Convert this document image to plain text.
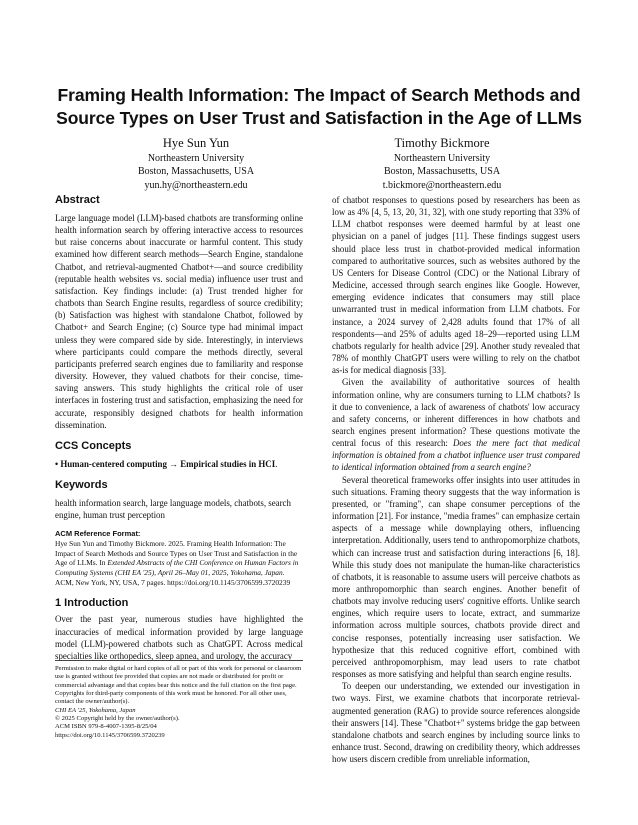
Framing Health Information: The Impact of Search Methods and Source Types on User Trust and Satisfaction in the Age of LLMs
Hye Sun Yun
Northeastern University
Boston, Massachusetts, USA
yun.hy@northeastern.edu
Timothy Bickmore
Northeastern University
Boston, Massachusetts, USA
t.bickmore@northeastern.edu
Abstract

Large language model (LLM)-based chatbots are transforming online health information search by offering interactive access to resources but raise concerns about inaccurate or harmful content. This study examined how different search methods—Search Engine, standalone Chatbot, and retrieval-augmented Chatbot+—and source credibility (reputable health websites vs. social media) influence user trust and satisfaction. Key findings include: (a) Trust trended higher for chatbots than Search Engine results, regardless of source credibility; (b) Satisfaction was highest with standalone Chatbot, followed by Chatbot+ and Search Engine; (c) Source type had minimal impact unless they were compared side by side. Interestingly, in interviews where participants could compare the methods directly, several participants preferred search engines due to familiarity and response diversity. However, they valued chatbots for their concise, time-saving answers. This study highlights the critical role of user interfaces in fostering trust and satisfaction, emphasizing the need for accurate, responsibly designed chatbots for health information dissemination.

CCS Concepts

• Human-centered computing → Empirical studies in HCI.

Keywords

health information search, large language models, chatbots, search engine, human trust perception

ACM Reference Format:
Hye Sun Yun and Timothy Bickmore. 2025. Framing Health Information: The Impact of Search Methods and Source Types on User Trust and Satisfaction in the Age of LLMs. In Extended Abstracts of the CHI Conference on Human Factors in Computing Systems (CHI EA '25), April 26–May 01, 2025, Yokohama, Japan. ACM, New York, NY, USA, 7 pages. https://doi.org/10.1145/3706599.3720239
1 Introduction

Over the past year, numerous studies have highlighted the inaccuracies of medical information provided by large language model (LLM)-powered chatbots such as ChatGPT. Across medical specialties like orthopedics, sleep apnea, and urology, the accuracy

Permission to make digital or hard copies of all or part of this work for personal or classroom use is granted without fee provided that copies are not made or distributed for profit or commercial advantage and that copies bear this notice and the full citation on the first page. Copyrights for third-party components of this work must be honored. For all other uses, contact the owner/author(s).

CHI EA '25, Yokohama, Japan

© 2025 Copyright held by the owner/author(s).

ACM ISBN 979-8-4007-1395-8/25/04

https://doi.org/10.1145/3706599.3720239

of chatbot responses to questions posed by researchers has been as low as 4% [4, 5, 13, 20, 31, 32], with one study reporting that 33% of LLM chatbot responses were deemed harmful by at least one physician on a panel of judges [11]. These findings suggest users should place less trust in chatbot-provided medical information compared to authoritative sources, such as websites authored by the US Centers for Disease Control (CDC) or the National Library of Medicine, accessed through search engines like Google. However, emerging evidence indicates that consumers may still place unwarranted trust in medical information from LLM chatbots. For instance, a 2024 survey of 2,428 adults found that 17% of all respondents—and 25% of adults aged 18–29—reported using LLM chatbots regularly for health advice [29]. Another study revealed that 78% of monthly ChatGPT users were willing to rely on the chatbot as-is for medical diagnosis [33].

Given the availability of authoritative sources of health information online, why are consumers turning to LLM chatbots? Is it due to convenience, a lack of awareness of chatbots' low accuracy and safety concerns, or inherent differences in how chatbots and search engines present information? These questions motivate the central focus of this research: Does the mere fact that medical information is obtained from a chatbot influence user trust compared to identical information obtained from a search engine?

Several theoretical frameworks offer insights into user attitudes in such situations. Framing theory suggests that the way information is presented, or "framing", can shape consumer perceptions of the information [21]. For instance, "media frames" can emphasize certain aspects of a message while downplaying others, influencing interpretation. Additionally, users tend to anthropomorphize chatbots, which can increase trust and satisfaction during interactions [6, 18]. While this study does not manipulate the human-like characteristics of chatbots, it is reasonable to assume users will perceive chatbots as more anthropomorphic than search engines. Another benefit of chatbots may involve reducing users' cognitive efforts. Unlike search engines, which require users to locate, extract, and summarize information across multiple sources, chatbots provide direct and concise responses, potentially increasing user satisfaction. We hypothesize that this reduced cognitive effort, combined with perceived anthropomorphism, may lead users to rate chatbot responses as more satisfying and helpful than search engine results.

To deepen our understanding, we extended our investigation in two ways. First, we examine chatbots that incorporate retrieval-augmented generation (RAG) to provide source references alongside their answers [14]. These "Chatbot+" systems bridge the gap between standalone chatbots and search engines by including source links to enhance trust. Second, drawing on credibility theory, which addresses how users discern credible from unreliable information,
